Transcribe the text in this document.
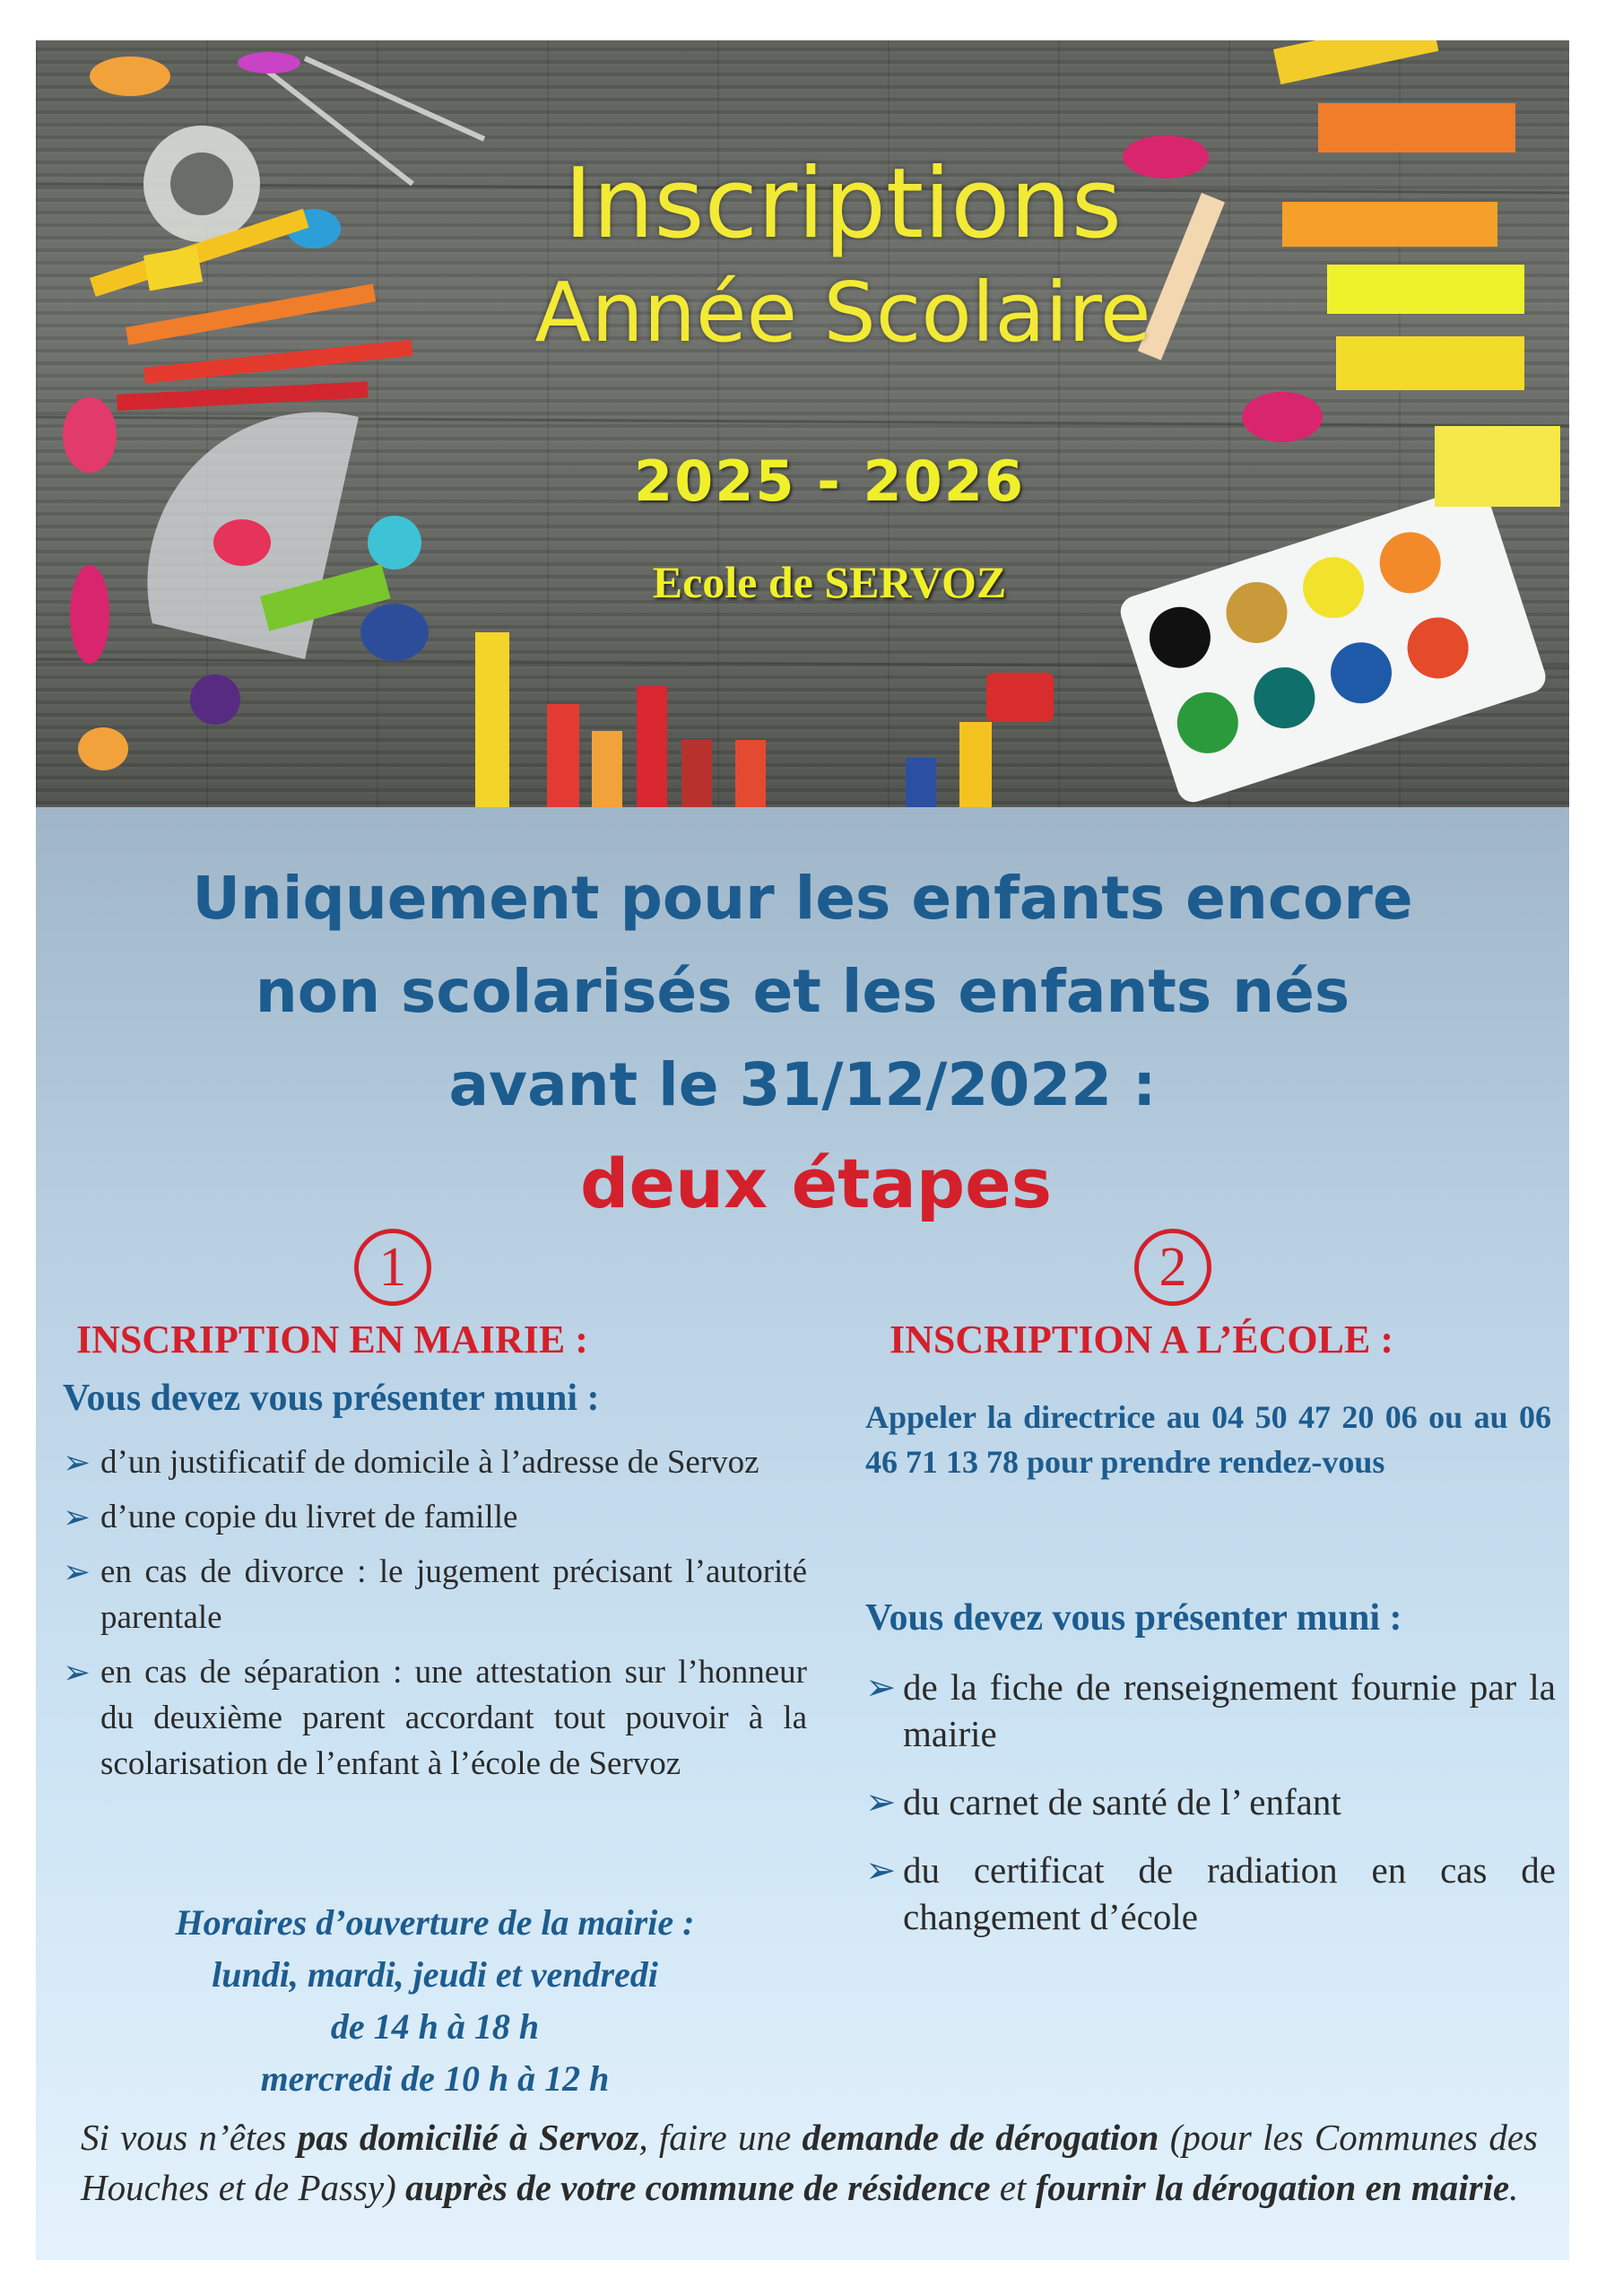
Inscriptions
Année Scolaire
2025 - 2026
Ecole de SERVOZ
Uniquement pour les enfants encore
non scolarisés et les enfants nés
avant le 31/12/2022 :
deux étapes
1	2
INSCRIPTION EN MAIRIE :
Vous devez vous présenter muni :
➢ d’un justificatif de domicile à l’adresse de Servoz
➢ d’une copie du livret de famille
➢ en cas de divorce : le jugement précisant l’autorité parentale
➢ en cas de séparation : une attestation sur l’honneur du deuxième parent accordant tout pouvoir à la scolarisation de l’enfant à l’école de Servoz
Horaires d’ouverture de la mairie :
lundi, mardi, jeudi et vendredi
de 14 h à 18 h
mercredi de 10 h à 12 h
INSCRIPTION A L’ÉCOLE :
Appeler la directrice au 04 50 47 20 06 ou au 06 46 71 13 78 pour prendre rendez-vous
Vous devez vous présenter muni :
➢ de la fiche de renseignement fournie par la mairie
➢ du carnet de santé de l’ enfant
➢ du certificat de radiation en cas de changement d’école
Si vous n’êtes pas domicilié à Servoz, faire une demande de dérogation (pour les Communes des Houches et de Passy) auprès de votre commune de résidence et fournir la dérogation en mairie.
